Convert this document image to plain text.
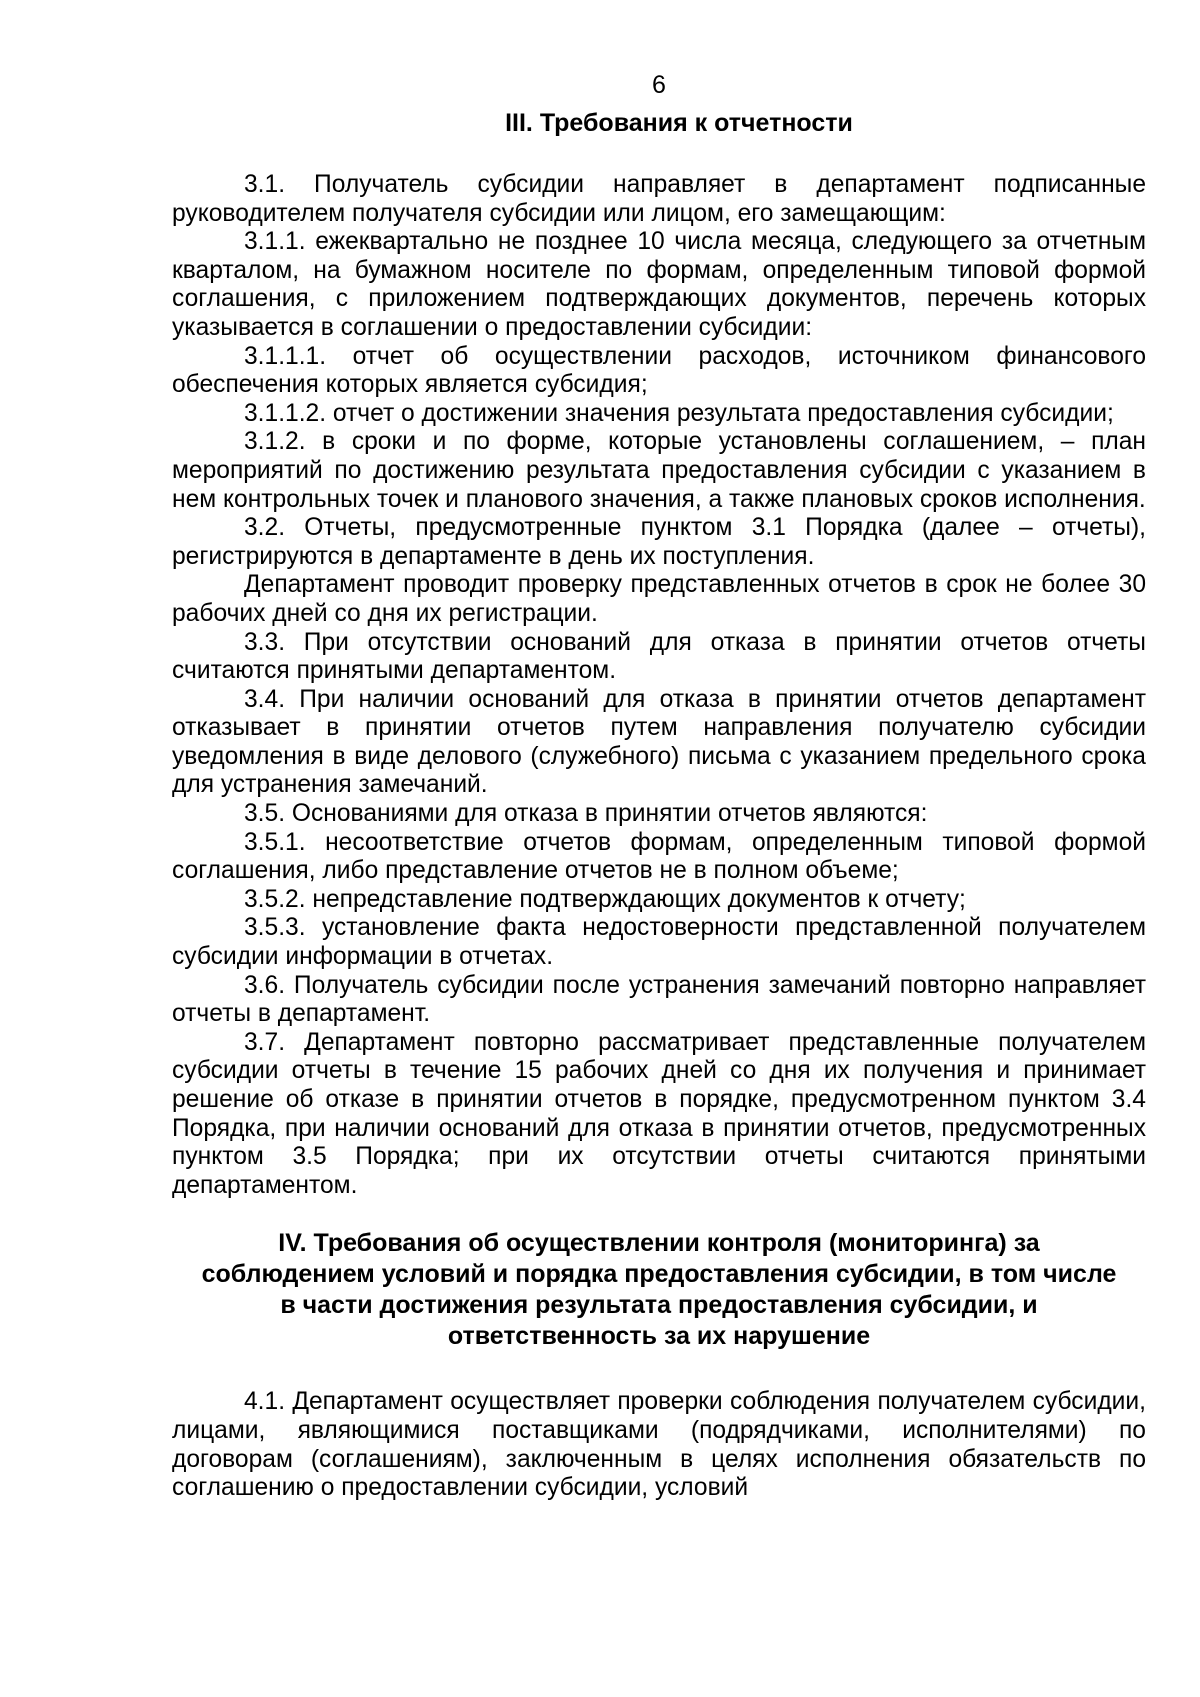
6
III. Требования к отчетности

3.1. Получатель субсидии направляет в департамент подписанные руководителем получателя субсидии или лицом, его замещающим:

3.1.1. ежеквартально не позднее 10 числа месяца, следующего за отчетным кварталом, на бумажном носителе по формам, определенным типовой формой соглашения, с приложением подтверждающих документов, перечень которых указывается в соглашении о предоставлении субсидии:

3.1.1.1. отчет об осуществлении расходов, источником финансового обеспечения которых является субсидия;

3.1.1.2. отчет о достижении значения результата предоставления субсидии;

3.1.2. в сроки и по форме, которые установлены соглашением, – план мероприятий по достижению результата предоставления субсидии с указанием в нем контрольных точек и планового значения, а также плановых сроков исполнения.

3.2. Отчеты, предусмотренные пунктом 3.1 Порядка (далее – отчеты), регистрируются в департаменте в день их поступления.

Департамент проводит проверку представленных отчетов в срок не более 30 рабочих дней со дня их регистрации.

3.3. При отсутствии оснований для отказа в принятии отчетов отчеты считаются принятыми департаментом.

3.4. При наличии оснований для отказа в принятии отчетов департамент отказывает в принятии отчетов путем направления получателю субсидии уведомления в виде делового (служебного) письма с указанием предельного срока для устранения замечаний.

3.5. Основаниями для отказа в принятии отчетов являются:

3.5.1. несоответствие отчетов формам, определенным типовой формой соглашения, либо представление отчетов не в полном объеме;

3.5.2. непредставление подтверждающих документов к отчету;

3.5.3. установление факта недостоверности представленной получателем субсидии информации в отчетах.

3.6. Получатель субсидии после устранения замечаний повторно направляет отчеты в департамент.

3.7. Департамент повторно рассматривает представленные получателем субсидии отчеты в течение 15 рабочих дней со дня их получения и принимает решение об отказе в принятии отчетов в порядке, предусмотренном пунктом 3.4 Порядка, при наличии оснований для отказа в принятии отчетов, предусмотренных пунктом 3.5 Порядка; при их отсутствии отчеты считаются принятыми департаментом.

IV. Требования об осуществлении контроля (мониторинга) за
соблюдением условий и порядка предоставления субсидии, в том числе
в части достижения результата предоставления субсидии, и
ответственность за их нарушение

4.1. Департамент осуществляет проверки соблюдения получателем субсидии, лицами, являющимися поставщиками (подрядчиками, исполнителями) по договорам (соглашениям), заключенным в целях исполнения обязательств по соглашению о предоставлении субсидии, условий
